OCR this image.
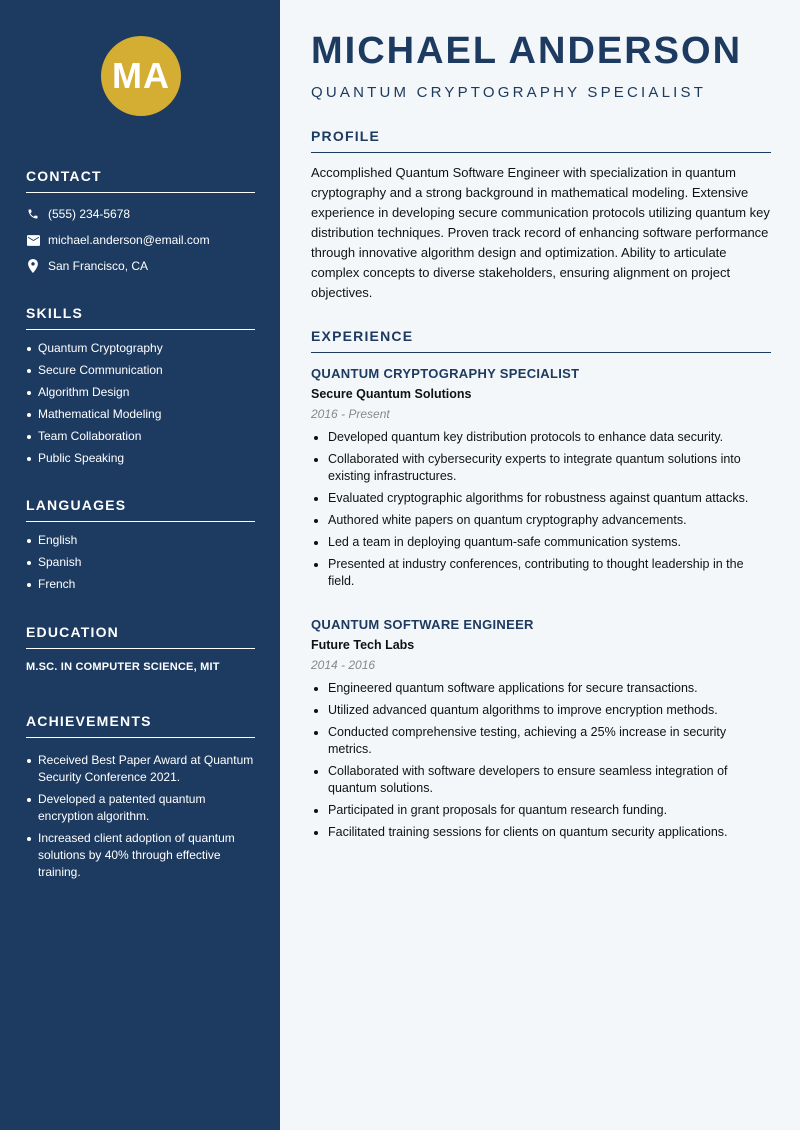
MA
CONTACT
(555) 234-5678
michael.anderson@email.com
San Francisco, CA
SKILLS
Quantum Cryptography
Secure Communication
Algorithm Design
Mathematical Modeling
Team Collaboration
Public Speaking
LANGUAGES
English
Spanish
French
EDUCATION
M.SC. IN COMPUTER SCIENCE, MIT
ACHIEVEMENTS
Received Best Paper Award at Quantum Security Conference 2021.
Developed a patented quantum encryption algorithm.
Increased client adoption of quantum solutions by 40% through effective training.
MICHAEL ANDERSON
QUANTUM CRYPTOGRAPHY SPECIALIST
PROFILE
Accomplished Quantum Software Engineer with specialization in quantum cryptography and a strong background in mathematical modeling. Extensive experience in developing secure communication protocols utilizing quantum key distribution techniques. Proven track record of enhancing software performance through innovative algorithm design and optimization. Ability to articulate complex concepts to diverse stakeholders, ensuring alignment on project objectives.
EXPERIENCE
QUANTUM CRYPTOGRAPHY SPECIALIST
Secure Quantum Solutions
2016 - Present
Developed quantum key distribution protocols to enhance data security.
Collaborated with cybersecurity experts to integrate quantum solutions into existing infrastructures.
Evaluated cryptographic algorithms for robustness against quantum attacks.
Authored white papers on quantum cryptography advancements.
Led a team in deploying quantum-safe communication systems.
Presented at industry conferences, contributing to thought leadership in the field.
QUANTUM SOFTWARE ENGINEER
Future Tech Labs
2014 - 2016
Engineered quantum software applications for secure transactions.
Utilized advanced quantum algorithms to improve encryption methods.
Conducted comprehensive testing, achieving a 25% increase in security metrics.
Collaborated with software developers to ensure seamless integration of quantum solutions.
Participated in grant proposals for quantum research funding.
Facilitated training sessions for clients on quantum security applications.
